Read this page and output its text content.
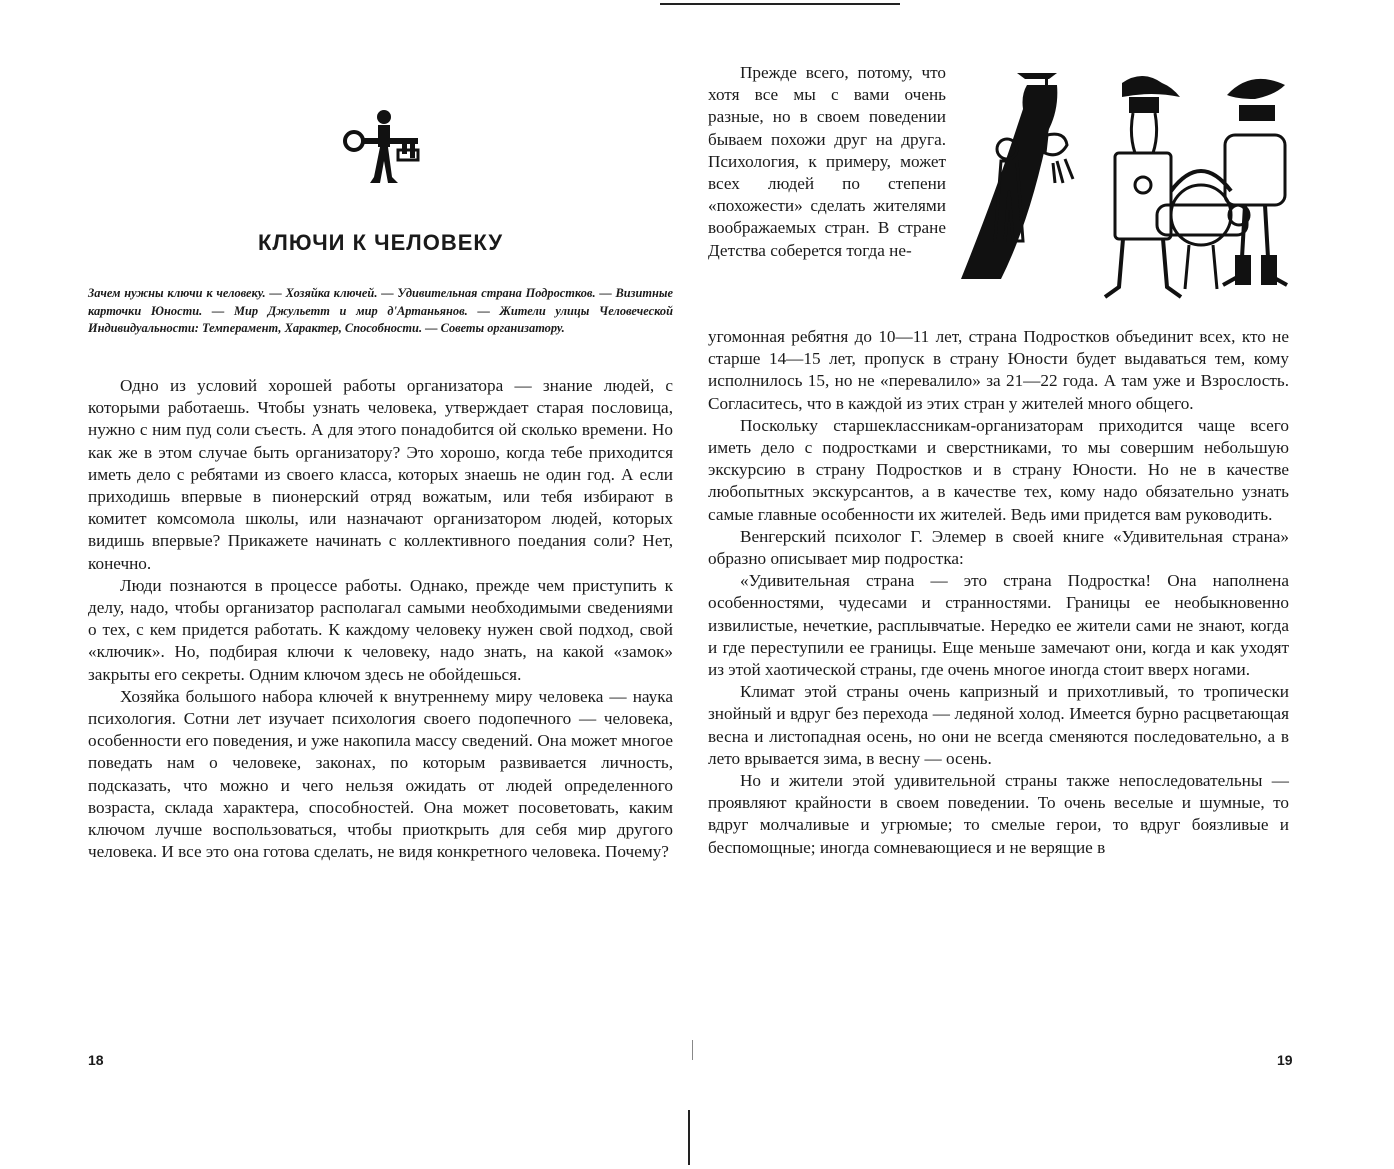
КЛЮЧИ К ЧЕЛОВЕКУ
Зачем нужны ключи к человеку. — Хозяйка ключей. — Удивительная страна Подростков. — Визитные карточки Юности. — Мир Джульетт и мир д'Артаньянов. — Жители улицы Человеческой Индивидуальности: Темперамент, Характер, Способности. — Советы организатору.

Одно из условий хорошей работы организатора — знание людей, с которыми работаешь. Чтобы узнать человека, утверждает старая пословица, нужно с ним пуд соли съесть. А для этого понадобится ой сколько времени. Но как же в этом случае быть организатору? Это хорошо, когда тебе приходится иметь дело с ребятами из своего класса, которых знаешь не один год. А если приходишь впервые в пионерский отряд вожатым, или тебя избирают в комитет комсомола школы, или назначают организатором людей, которых видишь впервые? Прикажете начинать с коллективного поедания соли? Нет, конечно.

Люди познаются в процессе работы. Однако, прежде чем приступить к делу, надо, чтобы организатор располагал самыми необходимыми сведениями о тех, с кем придется работать. К каждому человеку нужен свой подход, свой «ключик». Но, подбирая ключи к человеку, надо знать, на какой «замок» закрыты его секреты. Одним ключом здесь не обойдешься.

Хозяйка большого набора ключей к внутреннему миру человека — наука психология. Сотни лет изучает психология своего подопечного — человека, особенности его поведения, и уже накопила массу сведений. Она может многое поведать нам о человеке, законах, по которым развивается личность, подсказать, что можно и чего нельзя ожидать от людей определенного возраста, склада характера, способностей. Она может посоветовать, каким ключом лучше воспользоваться, чтобы приоткрыть для себя мир другого человека. И все это она готова сделать, не видя конкретного человека. Почему?

18

Прежде всего, потому, что хотя все мы с вами очень разные, но в своем поведении бываем похожи друг на друга. Психология, к примеру, может всех людей по степени «похожести» сделать жителями воображаемых стран. В стране Детства соберется тогда не-

угомонная ребятня до 10—11 лет, страна Подростков объединит всех, кто не старше 14—15 лет, пропуск в страну Юности будет выдаваться тем, кому исполнилось 15, но не «перевалило» за 21—22 года. А там уже и Взрослость. Согласитесь, что в каждой из этих стран у жителей много общего.

Поскольку старшеклассникам-организаторам приходится чаще всего иметь дело с подростками и сверстниками, то мы совершим небольшую экскурсию в страну Подростков и в страну Юности. Но не в качестве любопытных экскурсантов, а в качестве тех, кому надо обязательно узнать самые главные особенности их жителей. Ведь ими придется вам руководить.

Венгерский психолог Г. Элемер в своей книге «Удивительная страна» образно описывает мир подростка:

«Удивительная страна — это страна Подростка! Она наполнена особенностями, чудесами и странностями. Границы ее необыкновенно извилистые, нечеткие, расплывчатые. Нередко ее жители сами не знают, когда и где переступили ее границы. Еще меньше замечают они, когда и как уходят из этой хаотической страны, где очень многое иногда стоит вверх ногами.

Климат этой страны очень капризный и прихотливый, то тропически знойный и вдруг без перехода — ледяной холод. Имеется бурно расцветающая весна и листопадная осень, но они не всегда сменяются последовательно, а в лето врывается зима, в весну — осень.

Но и жители этой удивительной страны также непоследовательны — проявляют крайности в своем поведении. То очень веселые и шумные, то вдруг молчаливые и угрюмые; то смелые герои, то вдруг боязливые и беспомощные; иногда сомневающиеся и не верящие в

19
